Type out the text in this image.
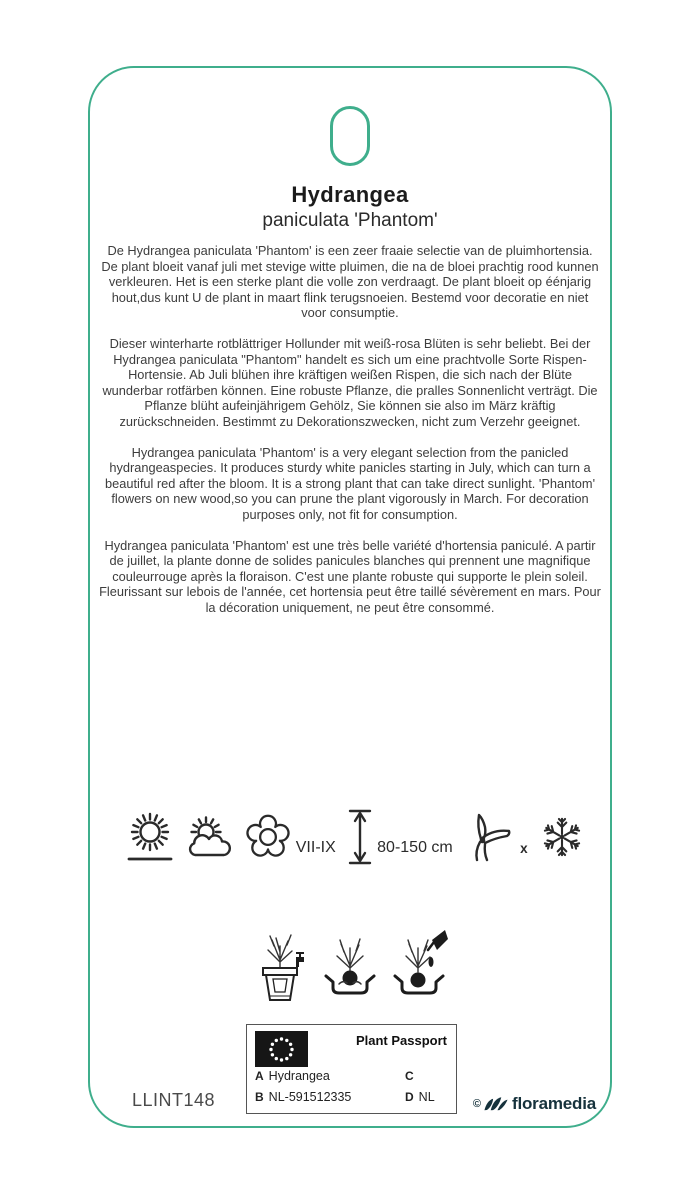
Hydrangea
paniculata 'Phantom'

De Hydrangea paniculata 'Phantom' is een zeer fraaie selectie van de pluimhortensia. De plant bloeit vanaf juli met stevige witte pluimen, die na de bloei prachtig rood kunnen verkleuren. Het is een sterke plant die volle zon verdraagt. De plant bloeit op éénjarig hout,dus kunt U de plant in maart flink terugsnoeien. Bestemd voor decoratie en niet voor consumptie.

Dieser winterharte rotblättriger Hollunder mit weiß-rosa Blüten is sehr beliebt. Bei der Hydrangea paniculata "Phantom" handelt es sich um eine prachtvolle Sorte Rispen-Hortensie. Ab Juli blühen ihre kräftigen weißen Rispen, die sich nach der Blüte wunderbar rotfärben können. Eine robuste Pflanze, die pralles Sonnenlicht verträgt. Die Pflanze blüht aufeinjährigem Gehölz, Sie können sie also im März kräftig zurückschneiden. Bestimmt zu Dekorationszwecken, nicht zum Verzehr geeignet.

Hydrangea paniculata 'Phantom' is a very elegant selection from the panicled hydrangeaspecies. It produces sturdy white panicles starting in July, which can turn a beautiful red after the bloom. It is a strong plant that can take direct sunlight. 'Phantom' flowers on new wood,so you can prune the plant vigorously in March. For decoration purposes only, not fit for consumption.

Hydrangea paniculata 'Phantom' est une très belle variété d'hortensia paniculé. A partir de juillet, la plante donne de solides panicules blanches qui prennent une magnifique couleurrouge après la floraison. C'est une plante robuste qui supporte le plein soleil. Fleurissant sur lebois de l'année, cet hortensia peut être taillé sévèrement en mars. Pour la décoration uniquement, ne peut être consommé.

VII-IX	80-150 cm	x
Plant Passport
A Hydrangea	C
B NL-591512335	D NL
LLINT148	© floramedia
